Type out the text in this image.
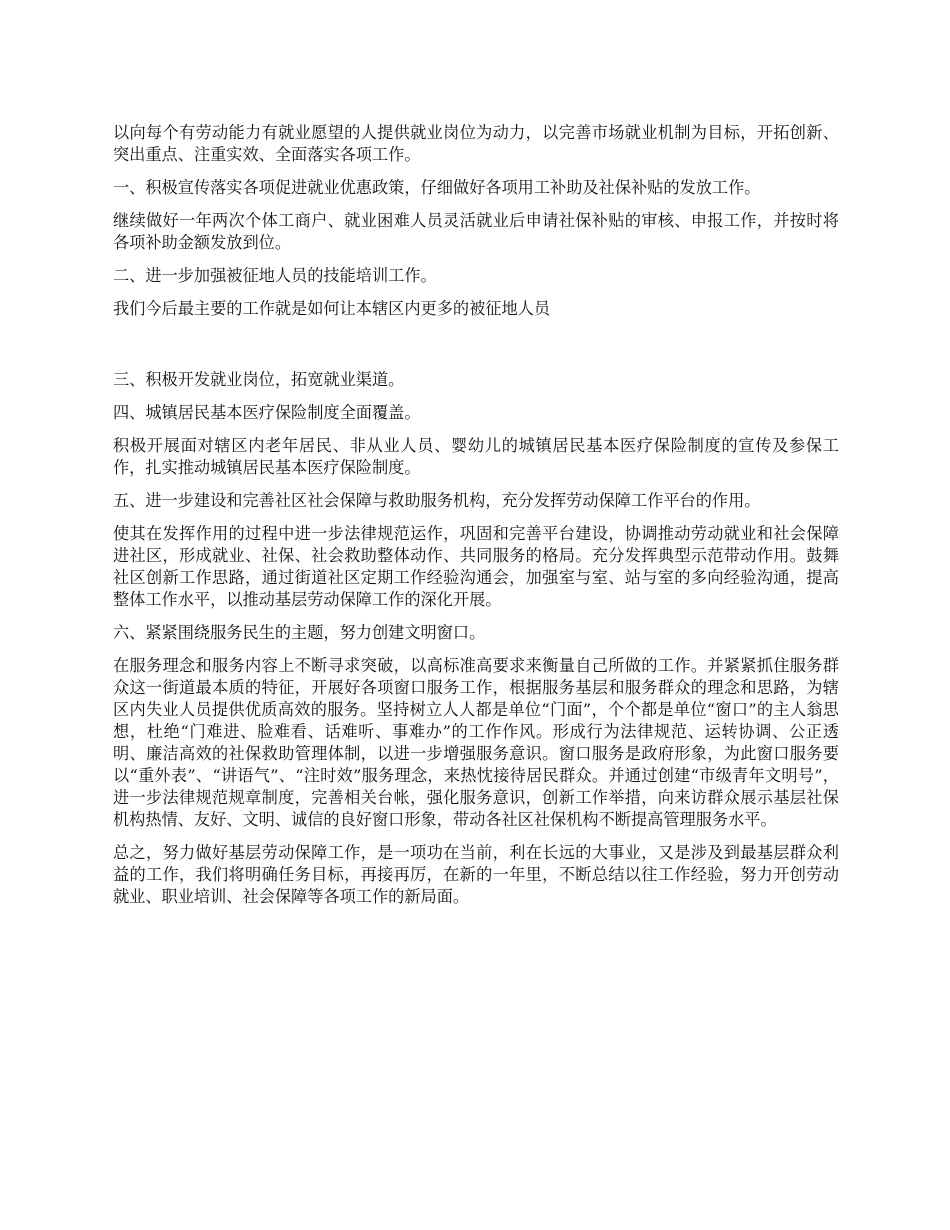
以向每个有劳动能力有就业愿望的人提供就业岗位为动力，以完善市场就业机制为目标，开拓创新、突出重点、注重实效、全面落实各项工作。

一、积极宣传落实各项促进就业优惠政策，仔细做好各项用工补助及社保补贴的发放工作。

继续做好一年两次个体工商户、就业困难人员灵活就业后申请社保补贴的审核、申报工作，并按时将各项补助金额发放到位。

二、进一步加强被征地人员的技能培训工作。

我们今后最主要的工作就是如何让本辖区内更多的被征地人员

三、积极开发就业岗位，拓宽就业渠道。

四、城镇居民基本医疗保险制度全面覆盖。

积极开展面对辖区内老年居民、非从业人员、婴幼儿的城镇居民基本医疗保险制度的宣传及参保工作，扎实推动城镇居民基本医疗保险制度。

五、进一步建设和完善社区社会保障与救助服务机构，充分发挥劳动保障工作平台的作用。

使其在发挥作用的过程中进一步法律规范运作，巩固和完善平台建设，协调推动劳动就业和社会保障进社区，形成就业、社保、社会救助整体动作、共同服务的格局。充分发挥典型示范带动作用。鼓舞社区创新工作思路，通过街道社区定期工作经验沟通会，加强室与室、站与室的多向经验沟通，提高整体工作水平，以推动基层劳动保障工作的深化开展。

六、紧紧围绕服务民生的主题，努力创建文明窗口。

在服务理念和服务内容上不断寻求突破，以高标准高要求来衡量自己所做的工作。并紧紧抓住服务群众这一街道最本质的特征，开展好各项窗口服务工作，根据服务基层和服务群众的理念和思路，为辖区内失业人员提供优质高效的服务。坚持树立人人都是单位“门面”，个个都是单位“窗口”的主人翁思想，杜绝“门难进、脸难看、话难听、事难办”的工作作风。形成行为法律规范、运转协调、公正透明、廉洁高效的社保救助管理体制，以进一步增强服务意识。窗口服务是政府形象，为此窗口服务要以“重外表”、“讲语气”、“注时效”服务理念，来热忱接待居民群众。并通过创建“市级青年文明号”，进一步法律规范规章制度，完善相关台帐，强化服务意识，创新工作举措，向来访群众展示基层社保机构热情、友好、文明、诚信的良好窗口形象，带动各社区社保机构不断提高管理服务水平。

总之，努力做好基层劳动保障工作，是一项功在当前，利在长远的大事业，又是涉及到最基层群众利益的工作，我们将明确任务目标，再接再厉，在新的一年里，不断总结以往工作经验，努力开创劳动就业、职业培训、社会保障等各项工作的新局面。
